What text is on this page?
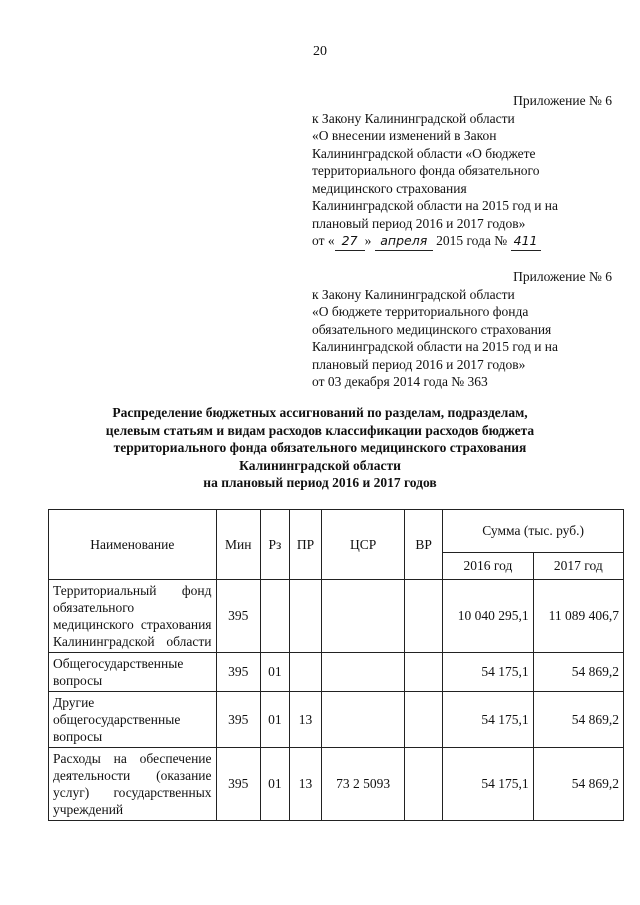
20
Приложение № 6
к Закону Калининградской области
«О внесении изменений в Закон
Калининградской области «О бюджете
территориального фонда обязательного
медицинского страхования
Калининградской области на 2015 год и на
плановый период 2016 и 2017 годов»
от « 27 » апреля 2015 года № 411
Приложение № 6
к Закону Калининградской области
«О бюджете территориального фонда
обязательного медицинского страхования
Калининградской области на 2015 год и на
плановый период 2016 и 2017 годов»
от 03 декабря 2014 года № 363
Распределение бюджетных ассигнований по разделам, подразделам,
целевым статьям и видам расходов классификации расходов бюджета
территориального фонда обязательного медицинского страхования
Калининградской области
на плановый период 2016 и 2017 годов
Наименование	Мин	Рз	ПР	ЦСР	ВР	Сумма (тыс. руб.)	
						2016 год	2017 год
Территориальный фонд обязательного медицинского страхования Калининградской области	395					10 040 295,1	11 089 406,7
Общегосударственные вопросы	395	01				54 175,1	54 869,2
Другие общегосударственные вопросы	395	01	13			54 175,1	54 869,2
Расходы на обеспечение деятельности (оказание услуг) государственных учреждений	395	01	13	73 2 5093		54 175,1	54 869,2
